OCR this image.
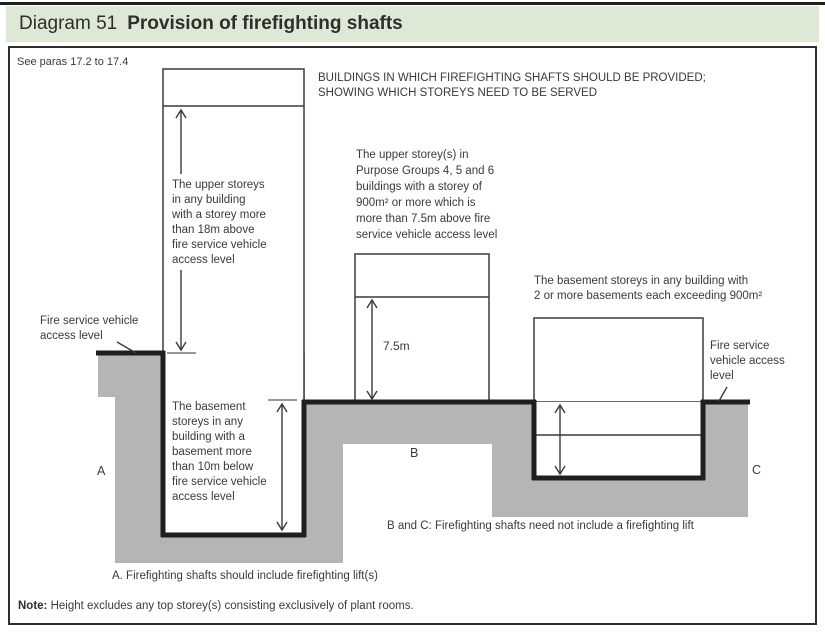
Diagram 51 Provision of firefighting shafts
See paras 17.2 to 17.4
BUILDINGS IN WHICH FIREFIGHTING SHAFTS SHOULD BE PROVIDED;
SHOWING WHICH STOREYS NEED TO BE SERVED
The upper storeys
in any building
with a storey more
than 18m above
fire service vehicle
access level
The basement
storeys in any
building with a
basement more
than 10m below
fire service vehicle
access level
The upper storey(s) in
Purpose Groups 4, 5 and 6
buildings with a storey of
900m² or more which is
more than 7.5m above fire
service vehicle access level
7.5m
The basement storeys in any building with
2 or more basements each exceeding 900m²
Fire service
vehicle access
level
Fire service vehicle
access level
A
B
C
B and C: Firefighting shafts need not include a firefighting lift
A. Firefighting shafts should include firefighting lift(s)
Note: Height excludes any top storey(s) consisting exclusively of plant rooms.
